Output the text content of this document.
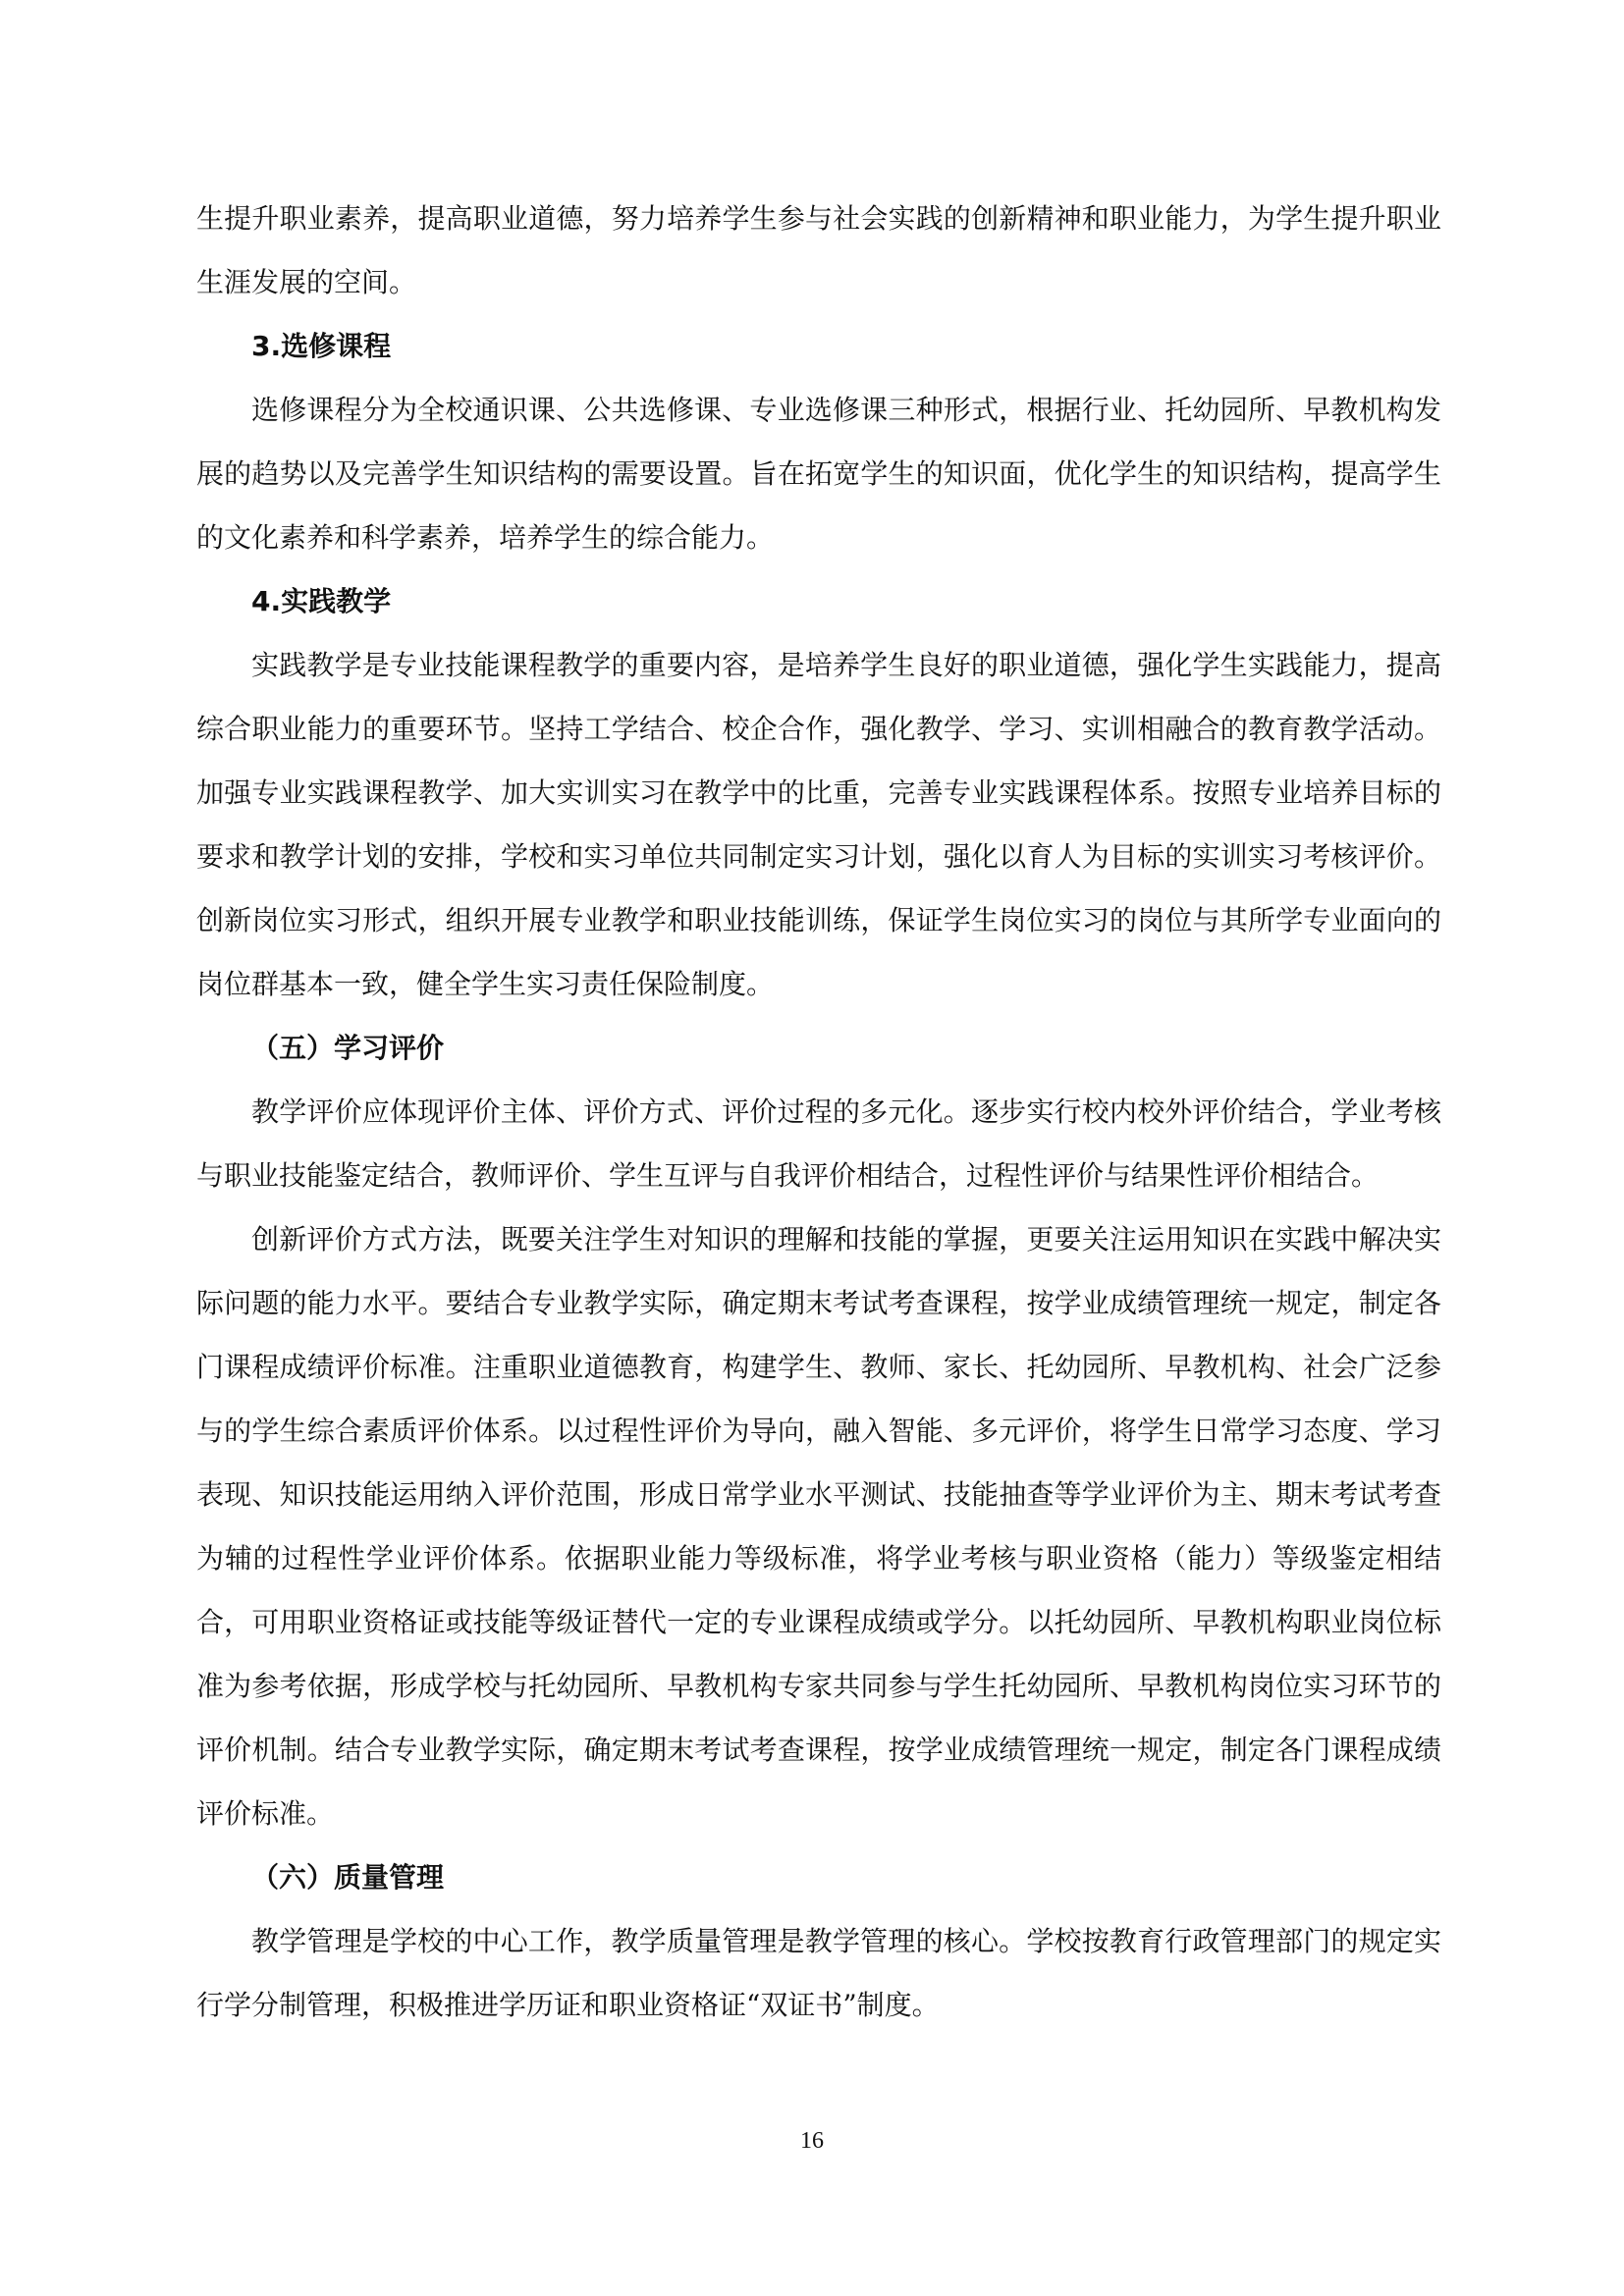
生提升职业素养，提高职业道德，努力培养学生参与社会实践的创新精神和职业能力，为学生提升职业生涯发展的空间。

3.选修课程

选修课程分为全校通识课、公共选修课、专业选修课三种形式，根据行业、托幼园所、早教机构发展的趋势以及完善学生知识结构的需要设置。旨在拓宽学生的知识面，优化学生的知识结构，提高学生的文化素养和科学素养，培养学生的综合能力。

4.实践教学

实践教学是专业技能课程教学的重要内容，是培养学生良好的职业道德，强化学生实践能力，提高综合职业能力的重要环节。坚持工学结合、校企合作，强化教学、学习、实训相融合的教育教学活动。加强专业实践课程教学、加大实训实习在教学中的比重，完善专业实践课程体系。按照专业培养目标的要求和教学计划的安排，学校和实习单位共同制定实习计划，强化以育人为目标的实训实习考核评价。创新岗位实习形式，组织开展专业教学和职业技能训练，保证学生岗位实习的岗位与其所学专业面向的岗位群基本一致，健全学生实习责任保险制度。

（五）学习评价

教学评价应体现评价主体、评价方式、评价过程的多元化。逐步实行校内校外评价结合，学业考核与职业技能鉴定结合，教师评价、学生互评与自我评价相结合，过程性评价与结果性评价相结合。

创新评价方式方法，既要关注学生对知识的理解和技能的掌握，更要关注运用知识在实践中解决实际问题的能力水平。要结合专业教学实际，确定期末考试考查课程，按学业成绩管理统一规定，制定各门课程成绩评价标准。注重职业道德教育，构建学生、教师、家长、托幼园所、早教机构、社会广泛参与的学生综合素质评价体系。以过程性评价为导向，融入智能、多元评价，将学生日常学习态度、学习表现、知识技能运用纳入评价范围，形成日常学业水平测试、技能抽查等学业评价为主、期末考试考查为辅的过程性学业评价体系。依据职业能力等级标准，将学业考核与职业资格（能力）等级鉴定相结合，可用职业资格证或技能等级证替代一定的专业课程成绩或学分。以托幼园所、早教机构职业岗位标准为参考依据，形成学校与托幼园所、早教机构专家共同参与学生托幼园所、早教机构岗位实习环节的评价机制。结合专业教学实际，确定期末考试考查课程，按学业成绩管理统一规定，制定各门课程成绩评价标准。

（六）质量管理

教学管理是学校的中心工作，教学质量管理是教学管理的核心。学校按教育行政管理部门的规定实行学分制管理，积极推进学历证和职业资格证“双证书”制度。

16
